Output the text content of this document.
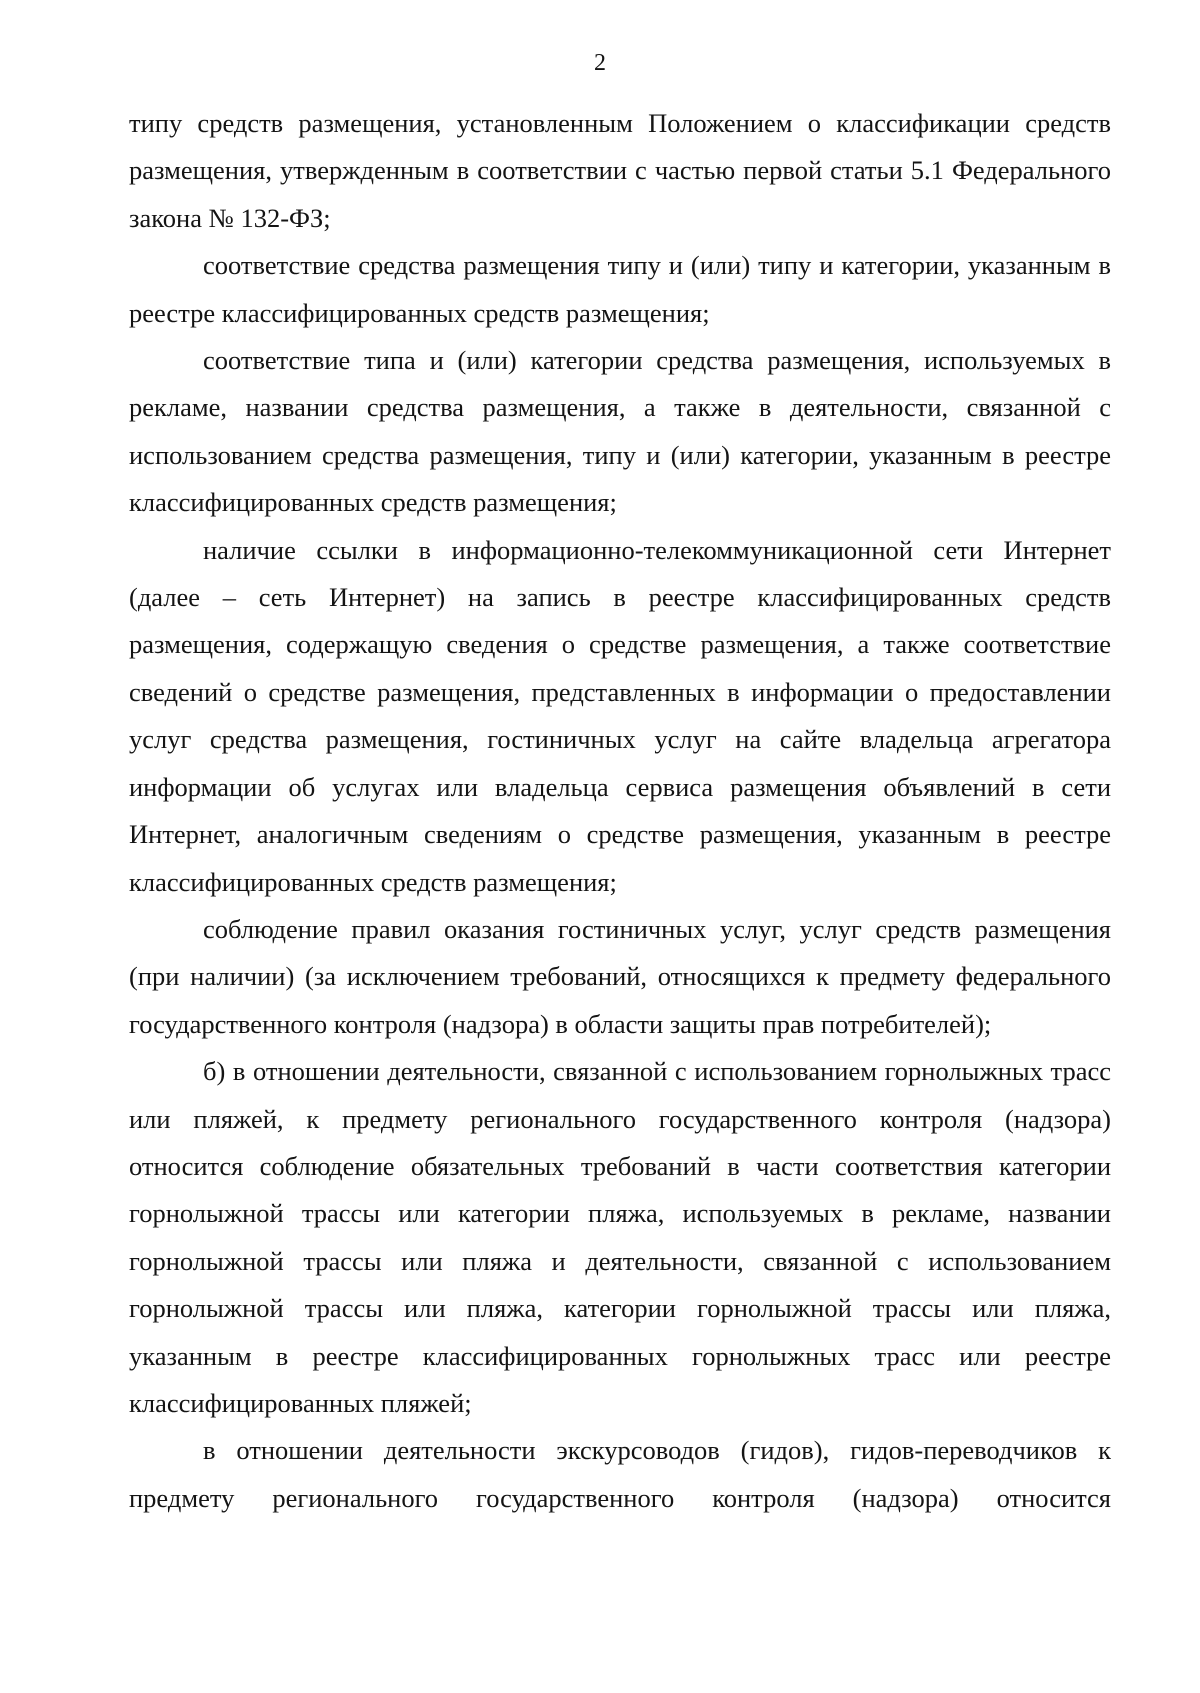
2

типу средств размещения, установленным Положением о классификации средств размещения, утвержденным в соответствии с частью первой статьи 5.1 Федерального закона № 132-ФЗ;

соответствие средства размещения типу и (или) типу и категории, указанным в реестре классифицированных средств размещения;

соответствие типа и (или) категории средства размещения, используемых в рекламе, названии средства размещения, а также в деятельности, связанной с использованием средства размещения, типу и (или) категории, указанным в реестре классифицированных средств размещения;

наличие ссылки в информационно-телекоммуникационной сети Интернет (далее – сеть Интернет) на запись в реестре классифицированных средств размещения, содержащую сведения о средстве размещения, а также соответствие сведений о средстве размещения, представленных в информации о предоставлении услуг средства размещения, гостиничных услуг на сайте владельца агрегатора информации об услугах или владельца сервиса размещения объявлений в сети Интернет, аналогичным сведениям о средстве размещения, указанным в реестре классифицированных средств размещения;

соблюдение правил оказания гостиничных услуг, услуг средств размещения (при наличии) (за исключением требований, относящихся к предмету федерального государственного контроля (надзора) в области защиты прав потребителей);

б) в отношении деятельности, связанной с использованием горнолыжных трасс или пляжей, к предмету регионального государственного контроля (надзора) относится соблюдение обязательных требований в части соответствия категории горнолыжной трассы или категории пляжа, используемых в рекламе, названии горнолыжной трассы или пляжа и деятельности, связанной с использованием горнолыжной трассы или пляжа, категории горнолыжной трассы или пляжа, указанным в реестре классифицированных горнолыжных трасс или реестре классифицированных пляжей;

в отношении деятельности экскурсоводов (гидов), гидов-переводчиков к предмету регионального государственного контроля (надзора) относится
